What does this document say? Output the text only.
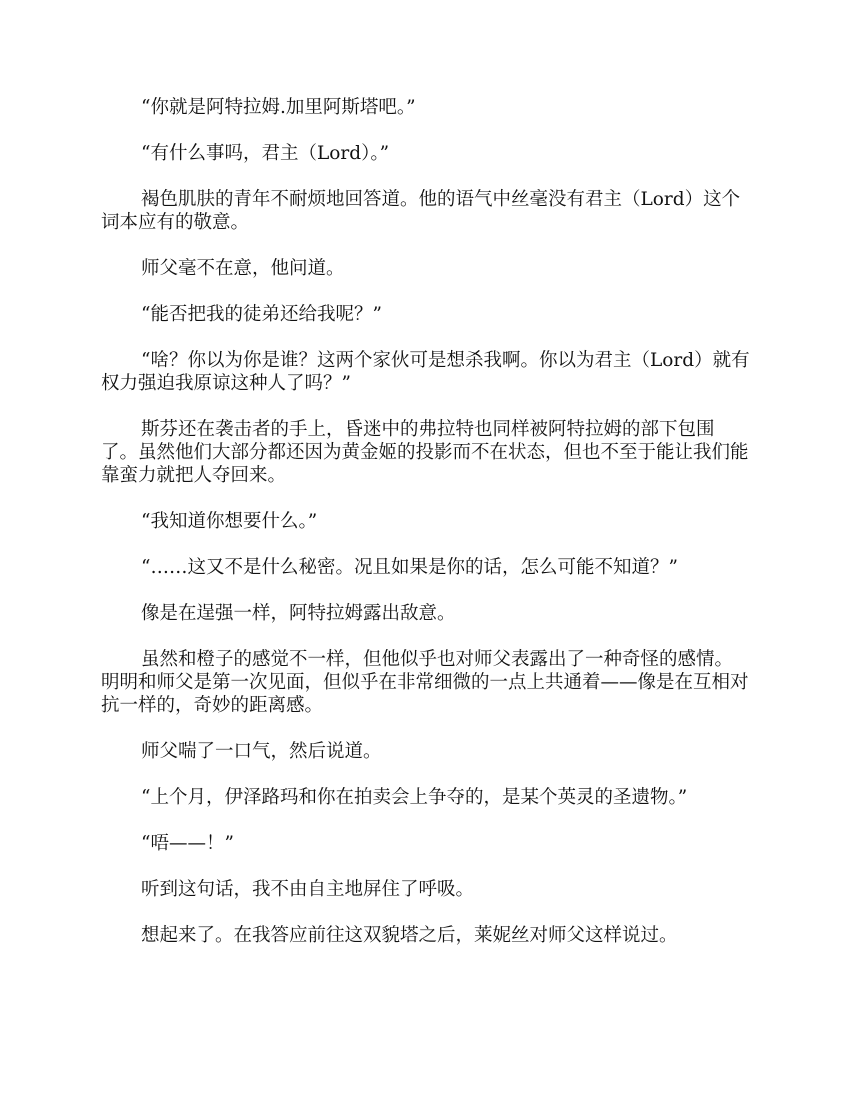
“你就是阿特拉姆.加里阿斯塔吧。”

“有什么事吗，君主（Lord）。”

褐色肌肤的青年不耐烦地回答道。他的语气中丝毫没有君主（Lord）这个词本应有的敬意。

师父毫不在意，他问道。

“能否把我的徒弟还给我呢？”

“啥？你以为你是谁？这两个家伙可是想杀我啊。你以为君主（Lord）就有权力强迫我原谅这种人了吗？”

斯芬还在袭击者的手上，昏迷中的弗拉特也同样被阿特拉姆的部下包围了。虽然他们大部分都还因为黄金姬的投影而不在状态，但也不至于能让我们能靠蛮力就把人夺回来。

“我知道你想要什么。”

“……这又不是什么秘密。况且如果是你的话，怎么可能不知道？”

像是在逞强一样，阿特拉姆露出敌意。

虽然和橙子的感觉不一样，但他似乎也对师父表露出了一种奇怪的感情。明明和师父是第一次见面，但似乎在非常细微的一点上共通着——像是在互相对抗一样的，奇妙的距离感。

师父喘了一口气，然后说道。

“上个月，伊泽路玛和你在拍卖会上争夺的，是某个英灵的圣遗物。”

“唔——！”

听到这句话，我不由自主地屏住了呼吸。

想起来了。在我答应前往这双貌塔之后，莱妮丝对师父这样说过。
